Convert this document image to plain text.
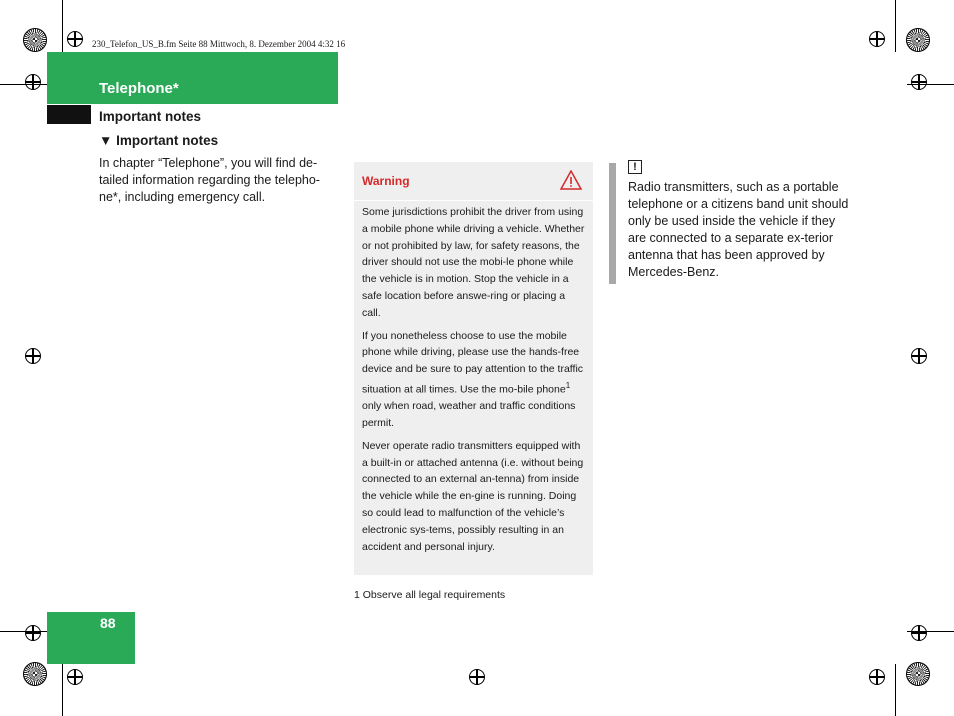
230_Telefon_US_B.fm Seite 88 Mittwoch, 8. Dezember 2004 4:32 16
Telephone*
Important notes
▼ Important notes
In chapter “Telephone”, you will find de-tailed information regarding the telepho-ne*, including emergency call.
Warning

Some jurisdictions prohibit the driver from using a mobile phone while driving a vehicle. Whether or not prohibited by law, for safety reasons, the driver should not use the mobi-le phone while the vehicle is in motion. Stop the vehicle in a safe location before answe-ring or placing a call.

If you nonetheless choose to use the mobile phone while driving, please use the hands-free device and be sure to pay attention to the traffic situation at all times. Use the mo-bile phone$^1$ only when road, weather and traffic conditions permit.

Never operate radio transmitters equipped with a built-in or attached antenna (i.e. without being connected to an external an-tenna) from inside the vehicle while the en-gine is running. Doing so could lead to malfunction of the vehicle’s electronic sys-tems, possibly resulting in an accident and personal injury.

!
Radio transmitters, such as a portable telephone or a citizens band unit should only be used inside the vehicle if they are connected to a separate ex-terior antenna that has been approved by Mercedes-Benz.
1 Observe all legal requirements
88
